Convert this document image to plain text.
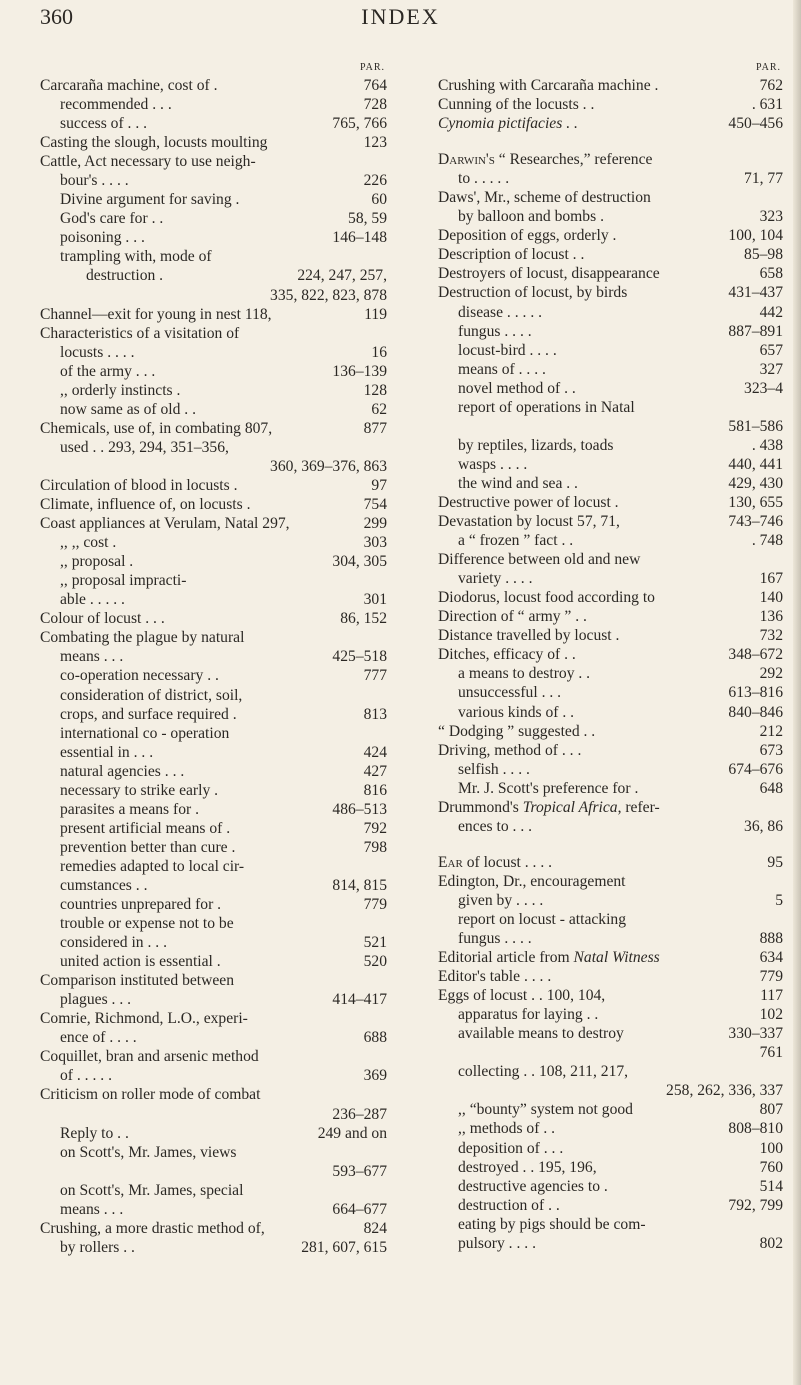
360	INDEX
PAR.
Carcaraña machine, cost of .	764
recommended . . .	728
success of . . .	765, 766
Casting the slough, locusts moulting	123
Cattle, Act necessary to use neigh-
bour's . . . .	226
Divine argument for saving .	60
God's care for . .	58, 59
poisoning . . .	146–148
trampling with, mode of
destruction .	224, 247, 257,
335, 822, 823, 878
Channel—exit for young in nest 118,	119
Characteristics of a visitation of
locusts . . . .	16
of the army . . .	136–139
,, orderly instincts .	128
now same as of old . .	62
Chemicals, use of, in combating 807,	877
used . . 293, 294, 351–356,
360, 369–376, 863
Circulation of blood in locusts .	97
Climate, influence of, on locusts .	754
Coast appliances at Verulam, Natal 297,	299
,, ,, cost .	303
,, proposal .	304, 305
,, proposal impracti-
able . . . . .	301
Colour of locust . . .	86, 152
Combating the plague by natural
means . . .	425–518
co-operation necessary . .	777
consideration of district, soil,
crops, and surface required .	813
international co - operation
essential in . . .	424
natural agencies . . .	427
necessary to strike early .	816
parasites a means for .	486–513
present artificial means of .	792
prevention better than cure .	798
remedies adapted to local cir-
cumstances . .	814, 815
countries unprepared for .	779
trouble or expense not to be
considered in . . .	521
united action is essential .	520
Comparison instituted between
plagues . . .	414–417
Comrie, Richmond, L.O., experi-
ence of . . . .	688
Coquillet, bran and arsenic method
of . . . . .	369
Criticism on roller mode of combat
236–287
Reply to . .	249 and on
on Scott's, Mr. James, views
593–677
on Scott's, Mr. James, special
means . . .	664–677
Crushing, a more drastic method of,	824
by rollers . .	281, 607, 615
PAR.
Crushing with Carcaraña machine .	762
Cunning of the locusts . .	. 631
Cynomia pictifacies . .	450–456
Darwin's “ Researches,” reference
to . . . . .	71, 77
Daws', Mr., scheme of destruction
by balloon and bombs .	323
Deposition of eggs, orderly .	100, 104
Description of locust . .	85–98
Destroyers of locust, disappearance	658
Destruction of locust, by birds	431–437
disease . . . . .	442
fungus . . . .	887–891
locust-bird . . . .	657
means of . . . .	327
novel method of . .	323–4
report of operations in Natal
581–586
by reptiles, lizards, toads	. 438
wasps . . . .	440, 441
the wind and sea . .	429, 430
Destructive power of locust .	130, 655
Devastation by locust 57, 71,	743–746
a “ frozen ” fact . .	. 748
Difference between old and new
variety . . . .	167
Diodorus, locust food according to	140
Direction of “ army ” . .	136
Distance travelled by locust .	732
Ditches, efficacy of . .	348–672
a means to destroy . .	292
unsuccessful . . .	613–816
various kinds of . .	840–846
“ Dodging ” suggested . .	212
Driving, method of . . .	673
selfish . . . .	674–676
Mr. J. Scott's preference for .	648
Drummond's Tropical Africa, refer-
ences to . . .	36, 86
Ear of locust . . . .	95
Edington, Dr., encouragement
given by . . . .	5
report on locust - attacking
fungus . . . .	888
Editorial article from Natal Witness	634
Editor's table . . . .	779
Eggs of locust . . 100, 104,	117
apparatus for laying . .	102
available means to destroy	330–337
761
collecting . . 108, 211, 217,
258, 262, 336, 337
,, “bounty” system not good	807
,, methods of . .	808–810
deposition of . . .	100
destroyed . . 195, 196,	760
destructive agencies to .	514
destruction of . .	792, 799
eating by pigs should be com-
pulsory . . . .	802
